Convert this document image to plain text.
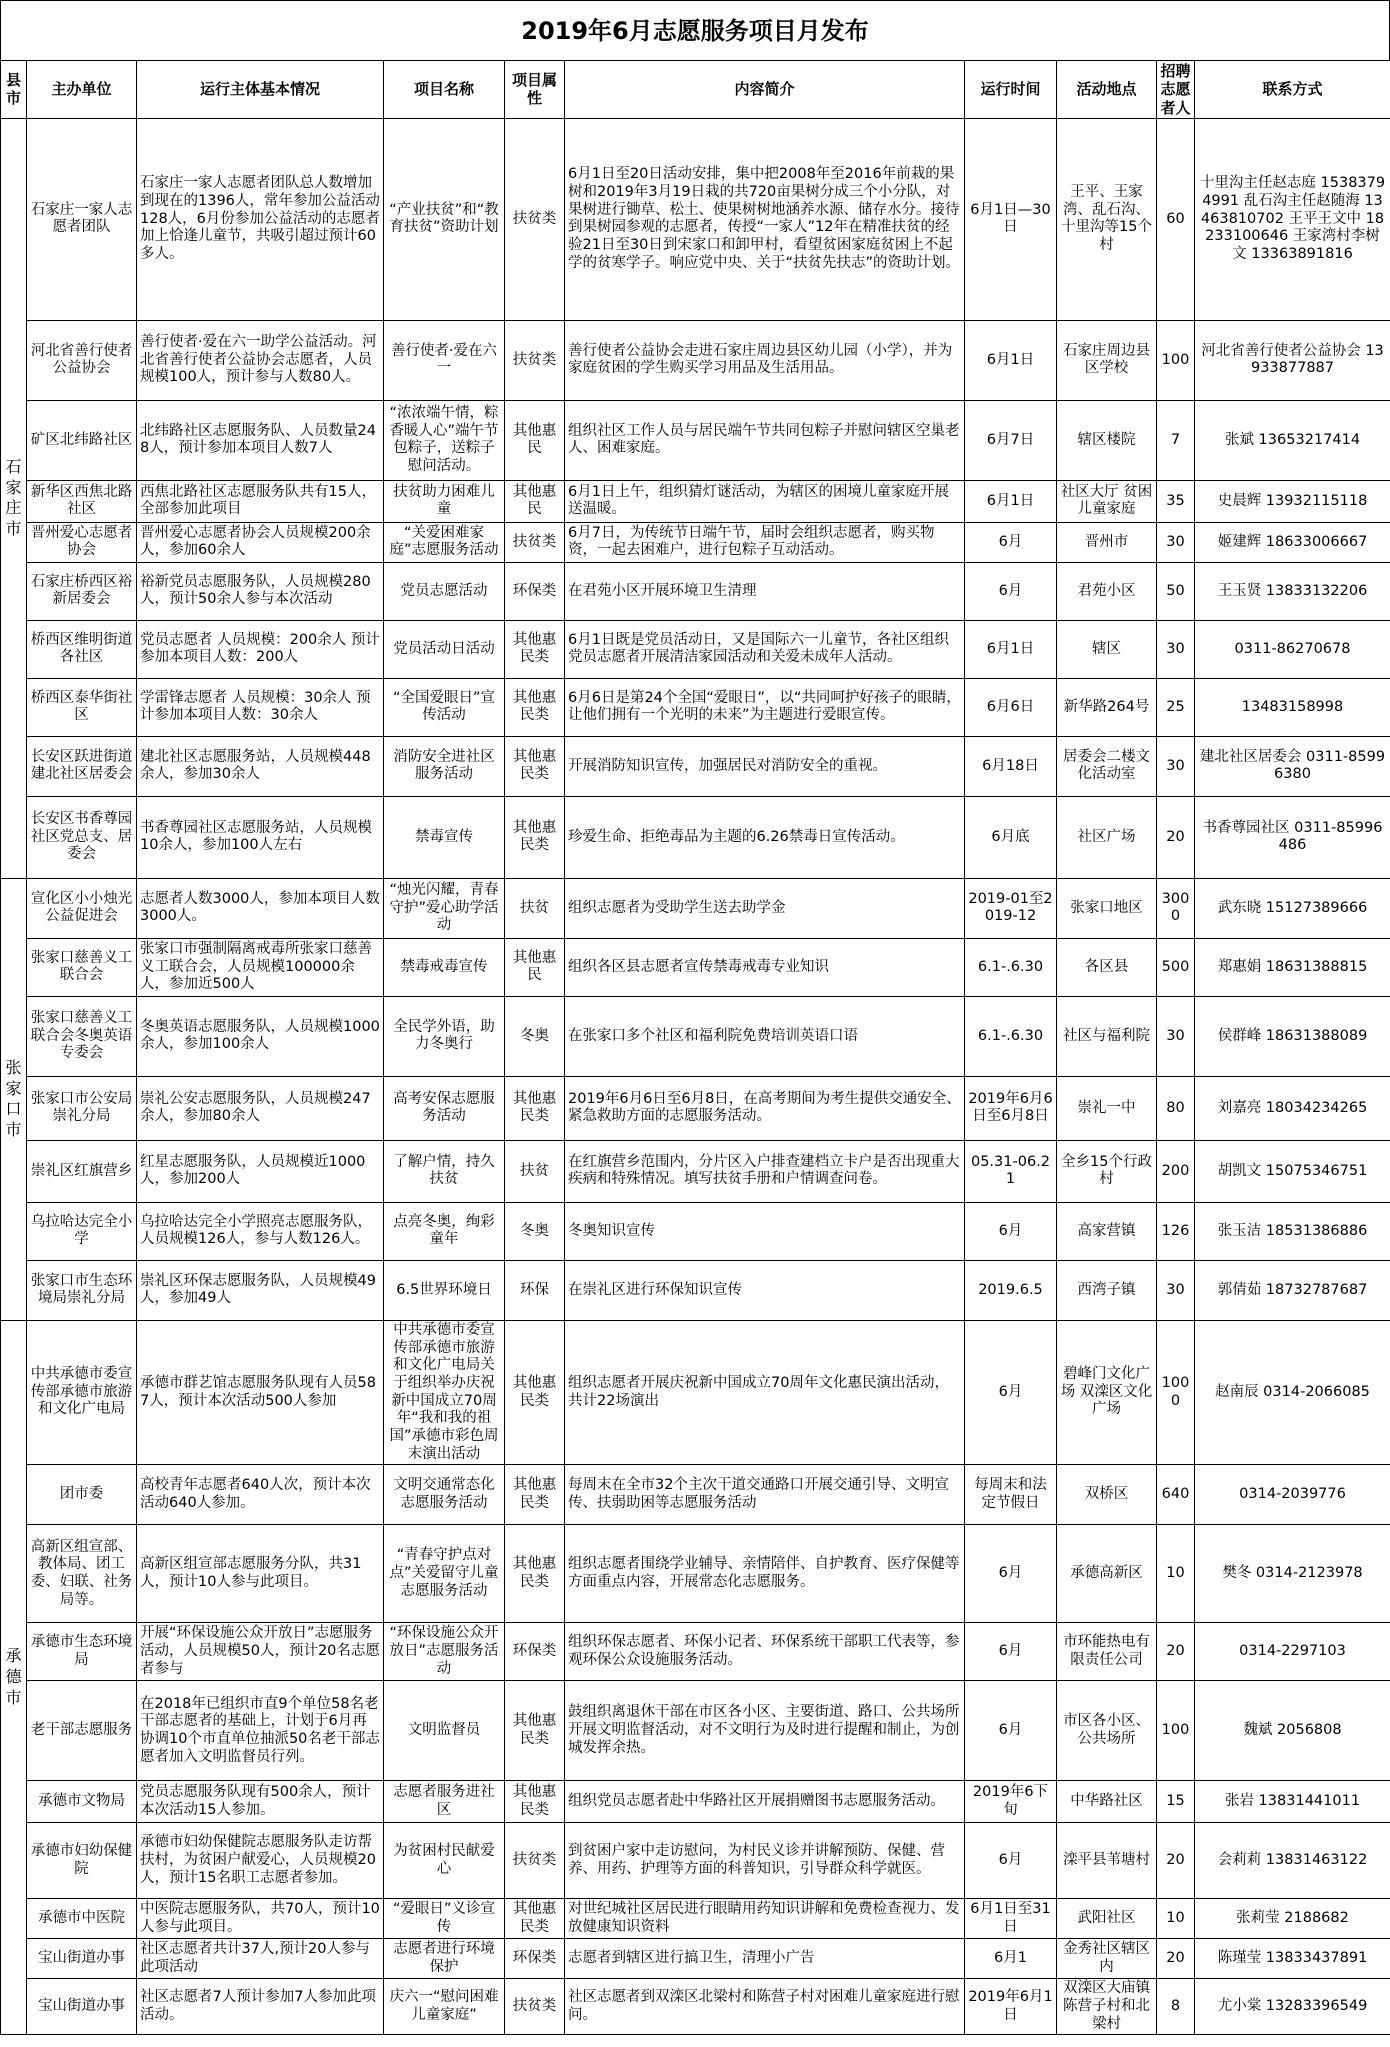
2019年6月志愿服务项目月发布
县市	主办单位	运行主体基本情况	项目名称	项目属性	内容简介	运行时间	活动地点	招聘志愿者人	联系方式
石家庄市	石家庄一家人志愿者团队	石家庄一家人志愿者团队总人数增加到现在的1396人，常年参加公益活动128人，6月份参加公益活动的志愿者加上恰逢儿童节，共吸引超过预计60多人。	“产业扶贫”和“教育扶贫”资助计划	扶贫类	6月1日至20日活动安排，集中把2008年至2016年前栽的果树和2019年3月19日栽的共720亩果树分成三个小分队，对果树进行锄草、松土、使果树树地涵养水源、储存水分。接待到果树园参观的志愿者，传授“一家人”12年在精准扶贫的经验21日至30日到宋家口和卸甲村，看望贫困家庭贫困上不起学的贫寒学子。响应党中央、关于“扶贫先扶志”的资助计划。	6月1日—30日	王平、王家湾、乱石沟、十里沟等15个村	60	十里沟主任赵志庭 15383794991 乱石沟主任赵随海 13463810702 王平王文中 18233100646 王家湾村李树文 13363891816
	河北省善行使者公益协会	善行使者·爱在六一助学公益活动。河北省善行使者公益协会志愿者，人员规模100人，预计参与人数80人。	善行使者·爱在六一	扶贫类	善行使者公益协会走进石家庄周边县区幼儿园（小学），并为家庭贫困的学生购买学习用品及生活用品。	6月1日	石家庄周边县区学校	100	河北省善行使者公益协会 13933877887
	矿区北纬路社区	北纬路社区志愿服务队、人员数量248人，预计参加本项目人数7人	“浓浓端午情，粽香暖人心”端午节包粽子，送粽子慰问活动。	其他惠民	组织社区工作人员与居民端午节共同包粽子并慰问辖区空巢老人、困难家庭。	6月7日	辖区楼院	7	张斌 13653217414
	新华区西焦北路社区	西焦北路社区志愿服务队共有15人，全部参加此项目	扶贫助力困难儿童	其他惠民	6月1日上午，组织猜灯谜活动，为辖区的困境儿童家庭开展送温暖。	6月1日	社区大厅 贫困儿童家庭	35	史晨辉 13932115118
	晋州爱心志愿者协会	晋州爱心志愿者协会人员规模200余人，参加60余人	“关爱困难家庭”志愿服务活动	扶贫类	6月7日，为传统节日端午节，届时会组织志愿者，购买物资，一起去困难户，进行包粽子互动活动。	6月	晋州市	30	姬建辉 18633006667
	石家庄桥西区裕新居委会	裕新党员志愿服务队，人员规模280人，预计50余人参与本次活动	党员志愿活动	环保类	在君苑小区开展环境卫生清理	6月	君苑小区	50	王玉贤 13833132206
	桥西区维明街道各社区	党员志愿者 人员规模：200余人 预计参加本项目人数：200人	党员活动日活动	其他惠民类	6月1日既是党员活动日，又是国际六一儿童节，各社区组织党员志愿者开展清洁家园活动和关爱未成年人活动。	6月1日	辖区	30	0311-86270678
	桥西区泰华街社区	学雷锋志愿者 人员规模：30余人 预计参加本项目人数：30余人	“全国爱眼日”宣传活动	其他惠民类	6月6日是第24个全国“爱眼日”，以“共同呵护好孩子的眼睛，让他们拥有一个光明的未来”为主题进行爱眼宣传。	6月6日	新华路264号	25	13483158998
	长安区跃进街道建北社区居委会	建北社区志愿服务站，人员规模448余人，参加30余人	消防安全进社区服务活动	其他惠民类	开展消防知识宣传，加强居民对消防安全的重视。	6月18日	居委会二楼文化活动室	30	建北社区居委会 0311-85996380
	长安区书香尊园社区党总支、居委会	书香尊园社区志愿服务站，人员规模10余人，参加100人左右	禁毒宣传	其他惠民类	珍爱生命、拒绝毒品为主题的6.26禁毒日宣传活动。	6月底	社区广场	20	书香尊园社区 0311-85996486
张家口市	宣化区小小烛光公益促进会	志愿者人数3000人，参加本项目人数3000人。	“烛光闪耀，青春守护”爱心助学活动	扶贫	组织志愿者为受助学生送去助学金	2019-01至2019-12	张家口地区	3000	武东晓 15127389666
	张家口慈善义工联合会	张家口市强制隔离戒毒所张家口慈善义工联合会，人员规模100000余人，参加近500人	禁毒戒毒宣传	其他惠民	组织各区县志愿者宣传禁毒戒毒专业知识	6.1-.6.30	各区县	500	郑惠娟 18631388815
	张家口慈善义工联合会冬奥英语专委会	冬奥英语志愿服务队，人员规模1000余人，参加100余人	全民学外语，助力冬奥行	冬奥	在张家口多个社区和福利院免费培训英语口语	6.1-.6.30	社区与福利院	30	侯群峰 18631388089
	张家口市公安局崇礼分局	崇礼公安志愿服务队，人员规模247余人，参加80余人	高考安保志愿服务活动	其他惠民类	2019年6月6日至6月8日，在高考期间为考生提供交通安全、紧急救助方面的志愿服务活动。	2019年6月6日至6月8日	崇礼一中	80	刘嘉亮 18034234265
	崇礼区红旗营乡	红星志愿服务队，人员规模近1000人，参加200人	了解户情，持久扶贫	扶贫	在红旗营乡范围内，分片区入户排查建档立卡户是否出现重大疾病和特殊情况。填写扶贫手册和户情调查问卷。	05.31-06.21	全乡15个行政村	200	胡凯文 15075346751
	乌拉哈达完全小学	乌拉哈达完全小学照亮志愿服务队，人员规模126人，参与人数126人。	点亮冬奥，绚彩童年	冬奥	冬奥知识宣传	6月	高家营镇	126	张玉洁 18531386886
	张家口市生态环境局崇礼分局	崇礼区环保志愿服务队，人员规模49人，参加49人	6.5世界环境日	环保	在崇礼区进行环保知识宣传	2019.6.5	西湾子镇	30	郭倩茹 18732787687
承德市	中共承德市委宣传部承德市旅游和文化广电局	承德市群艺馆志愿服务队现有人员587人，预计本次活动500人参加	中共承德市委宣传部承德市旅游和文化广电局关于组织举办庆祝新中国成立70周年“我和我的祖国”承德市彩色周末演出活动	其他惠民类	组织志愿者开展庆祝新中国成立70周年文化惠民演出活动，共计22场演出	6月	碧峰门文化广场 双滦区文化广场	1000	赵南辰 0314-2066085
	团市委	高校青年志愿者640人次，预计本次活动640人参加。	文明交通常态化志愿服务活动	其他惠民类	每周末在全市32个主次干道交通路口开展交通引导、文明宣传、扶弱助困等志愿服务活动	每周末和法定节假日	双桥区	640	0314-2039776
	高新区组宣部、教体局、团工委、妇联、社务局等。	高新区组宣部志愿服务分队，共31人，预计10人参与此项目。	“青春守护点对点”关爱留守儿童志愿服务活动	其他惠民类	组织志愿者围绕学业辅导、亲情陪伴、自护教育、医疗保健等方面重点内容，开展常态化志愿服务。	6月	承德高新区	10	樊冬 0314-2123978
	承德市生态环境局	开展“环保设施公众开放日”志愿服务活动，人员规模50人，预计20名志愿者参与	“环保设施公众开放日”志愿服务活动	环保类	组织环保志愿者、环保小记者、环保系统干部职工代表等，参观环保公众设施服务活动。	6月	市环能热电有限责任公司	20	0314-2297103
	老干部志愿服务	在2018年已组织市直9个单位58名老干部志愿者的基础上，计划于6月再协调10个市直单位抽派50名老干部志愿者加入文明监督员行列。	文明监督员	其他惠民类	鼓组织离退休干部在市区各小区、主要街道、路口、公共场所开展文明监督活动，对不文明行为及时进行提醒和制止，为创城发挥余热。	6月	市区各小区、公共场所	100	魏斌 2056808
	承德市文物局	党员志愿服务队现有500余人，预计本次活动15人参加。	志愿者服务进社区	其他惠民类	组织党员志愿者赴中华路社区开展捐赠图书志愿服务活动。	2019年6下旬	中华路社区	15	张岩 13831441011
	承德市妇幼保健院	承德市妇幼保健院志愿服务队走访帮扶村，为贫困户献爱心，人员规模20人，预计15名职工志愿者参加。	为贫困村民献爱心	扶贫类	到贫困户家中走访慰问，为村民义诊并讲解预防、保健、营养、用药、护理等方面的科普知识，引导群众科学就医。	6月	滦平县苇塘村	20	会莉莉 13831463122
	承德市中医院	中医院志愿服务队，共70人，预计10人参与此项目。	“爱眼日”义诊宣传	其他惠民类	对世纪城社区居民进行眼睛用药知识讲解和免费检查视力、发放健康知识资料	6月1日至31日	武阳社区	10	张莉莹 2188682
	宝山街道办事	社区志愿者共计37人,预计20人参与此项活动	志愿者进行环境保护	环保类	志愿者到辖区进行搞卫生，清理小广告	6月1	金秀社区辖区内	20	陈瑾莹 13833437891
	宝山街道办事	社区志愿者7人预计参加7人参加此项活动。	庆六一“慰问困难儿童家庭”	扶贫类	社区志愿者到双滦区北梁村和陈营子村对困难儿童家庭进行慰问。	2019年6月1日	双滦区大庙镇陈营子村和北梁村	8	尤小棠 13283396549
